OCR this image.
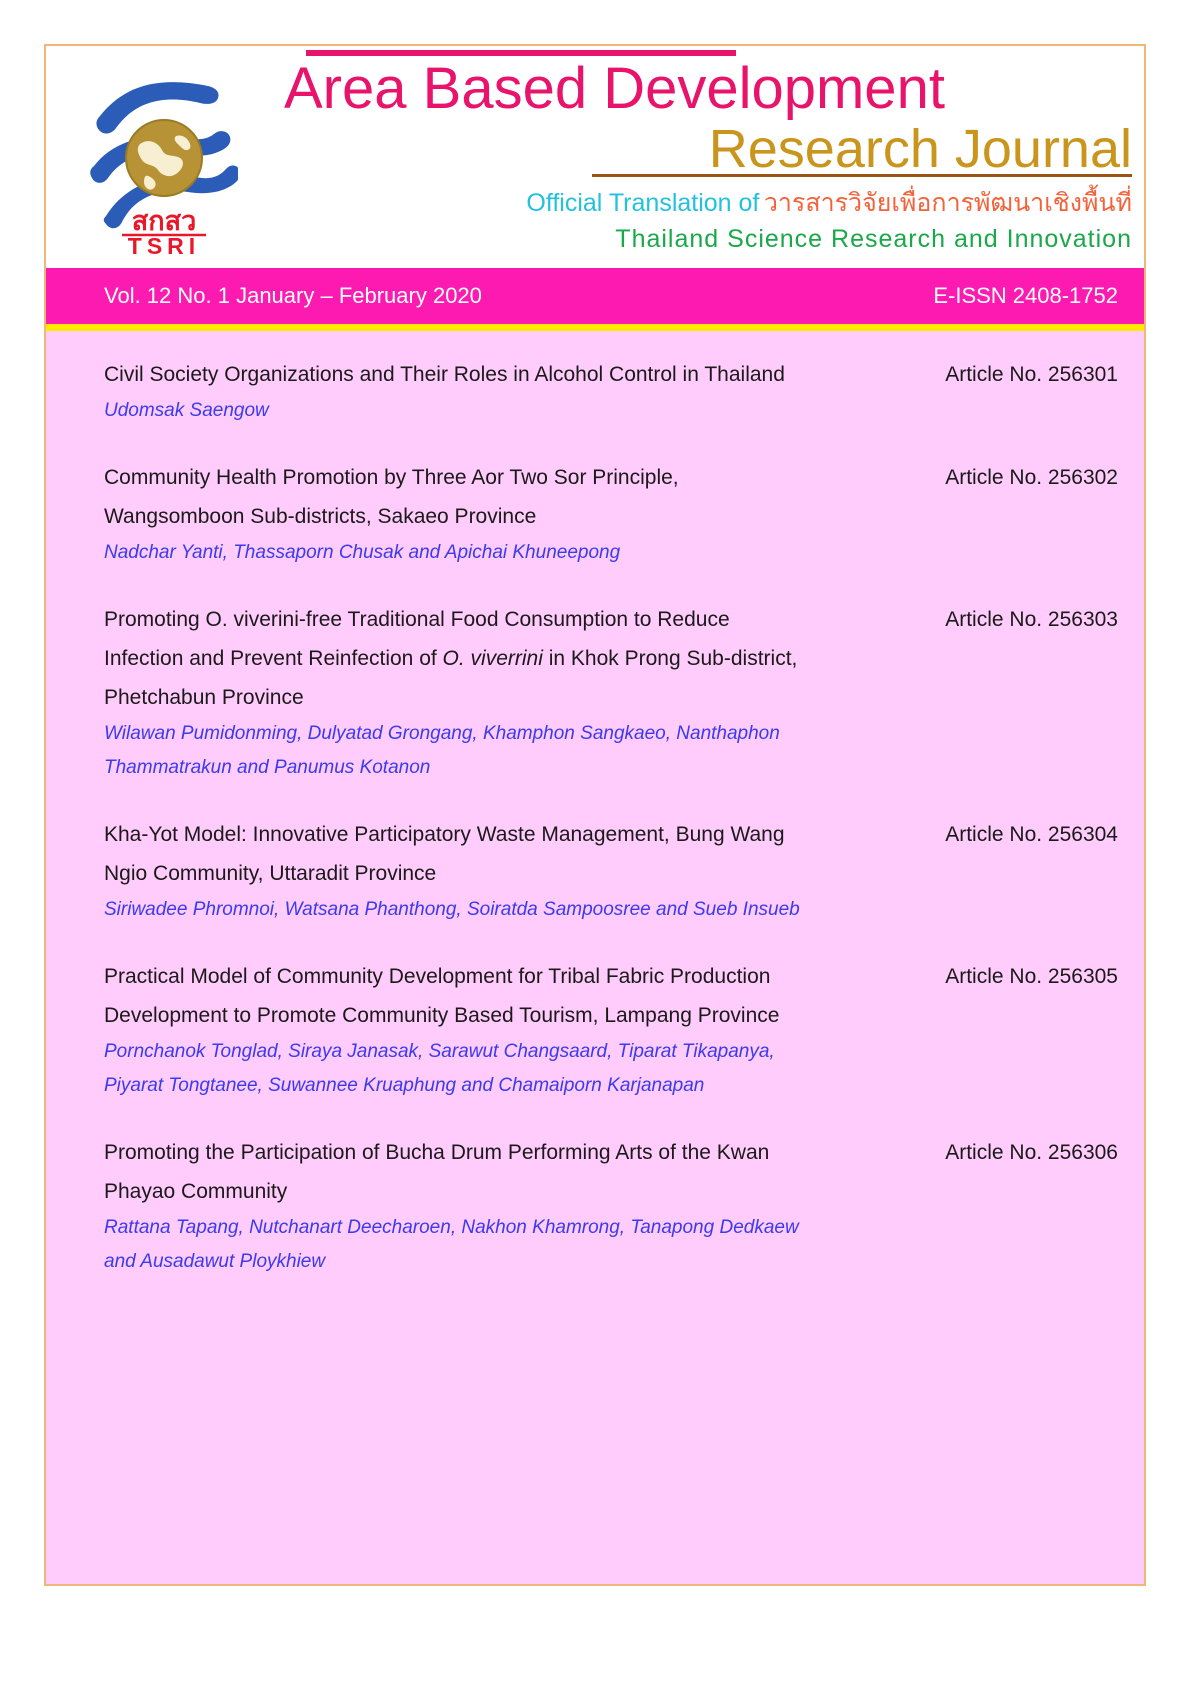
สกสว
TSRI
Area Based Development
Research Journal
Official Translation of วารสารวิจัยเพื่อการพัฒนาเชิงพื้นที่
Thailand Science Research and Innovation
Vol. 12 No. 1 January – February 2020	E-ISSN 2408-1752
Civil Society Organizations and Their Roles in Alcohol Control in Thailand
Udomsak Saengow
Article No. 256301
Community Health Promotion by Three Aor Two Sor Principle, Wangsomboon Sub-districts, Sakaeo Province
Nadchar Yanti, Thassaporn Chusak and Apichai Khuneepong
Article No. 256302
Promoting O. viverini-free Traditional Food Consumption to Reduce Infection and Prevent Reinfection of O. viverrini in Khok Prong Sub-district, Phetchabun Province
Wilawan Pumidonming, Dulyatad Grongang, Khamphon Sangkaeo, Nanthaphon Thammatrakun and Panumus Kotanon
Article No. 256303
Kha-Yot Model: Innovative Participatory Waste Management, Bung Wang Ngio Community, Uttaradit Province
Siriwadee Phromnoi, Watsana Phanthong, Soiratda Sampoosree and Sueb Insueb
Article No. 256304
Practical Model of Community Development for Tribal Fabric Production Development to Promote Community Based Tourism, Lampang Province
Pornchanok Tonglad, Siraya Janasak, Sarawut Changsaard, Tiparat Tikapanya, Piyarat Tongtanee, Suwannee Kruaphung and Chamaiporn Karjanapan
Article No. 256305
Promoting the Participation of Bucha Drum Performing Arts of the Kwan Phayao Community
Rattana Tapang, Nutchanart Deecharoen, Nakhon Khamrong, Tanapong Dedkaew and Ausadawut Ploykhiew
Article No. 256306
